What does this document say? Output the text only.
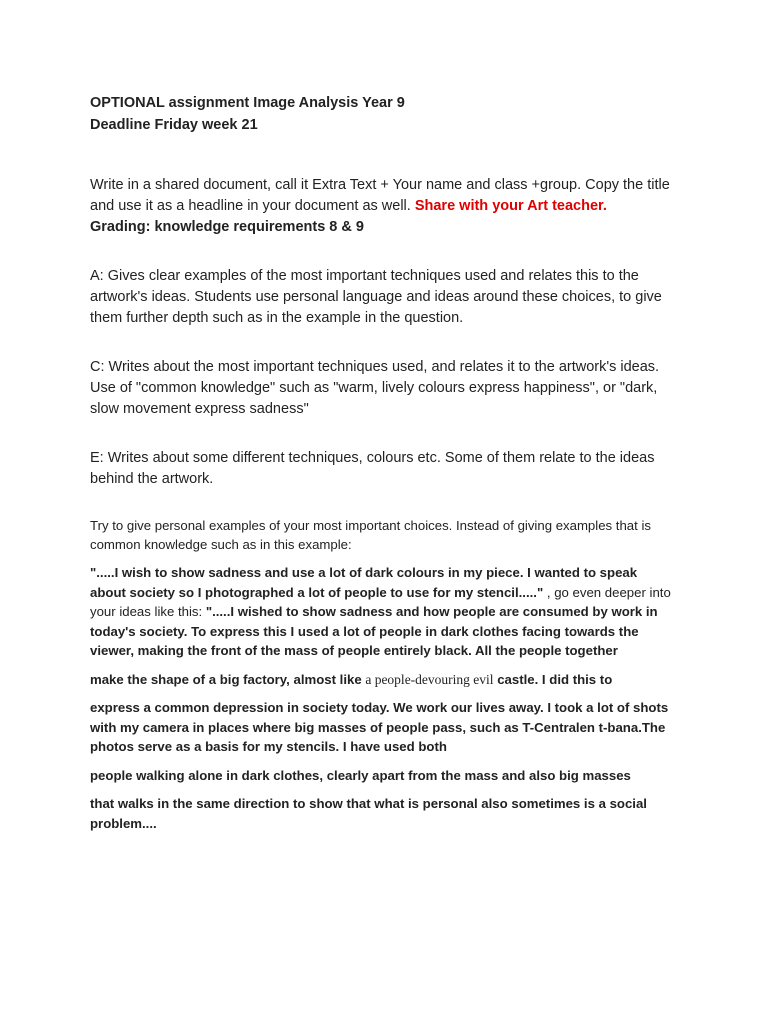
OPTIONAL assignment Image Analysis Year 9

Deadline Friday week 21

Write in a shared document, call it Extra Text + Your name and class +group. Copy the title and use it as a headline in your document as well. Share with your Art teacher.

Grading: knowledge requirements 8 & 9

A: Gives clear examples of the most important techniques used and relates this to the artwork's ideas. Students use personal language and ideas around these choices, to give them further depth such as in the example in the question.

C: Writes about the most important techniques used, and relates it to the artwork's ideas. Use of "common knowledge" such as "warm, lively colours express happiness", or "dark, slow movement express sadness"

E: Writes about some different techniques, colours etc. Some of them relate to the ideas behind the artwork.

Try to give personal examples of your most important choices. Instead of giving examples that is common knowledge such as in this example:

".....I wish to show sadness and use a lot of dark colours in my piece. I wanted to speak about society so I photographed a lot of people to use for my stencil....." , go even deeper into your ideas like this: ".....I wished to show sadness and how people are consumed by work in today's society. To express this I used a lot of people in dark clothes facing towards the viewer, making the front of the mass of people entirely black. All the people together

make the shape of a big factory, almost like a people-devouring evil castle. I did this to

express a common depression in society today. We work our lives away. I took a lot of shots with my camera in places where big masses of people pass, such as T-Centralen t-bana.The photos serve as a basis for my stencils. I have used both

people walking alone in dark clothes, clearly apart from the mass and also big masses

that walks in the same direction to show that what is personal also sometimes is a social problem....
